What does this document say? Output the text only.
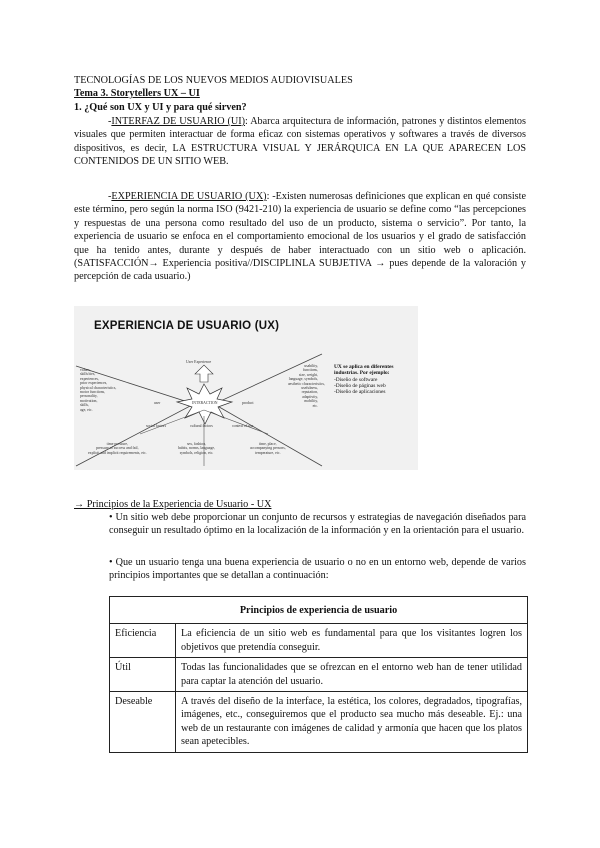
TECNOLOGÍAS DE LOS NUEVOS MEDIOS AUDIOVISUALES
Tema 3. Storytellers UX – UI
1. ¿Qué son UX y UI y para qué sirven?
-INTERFAZ DE USUARIO (UI): Abarca arquitectura de información, patrones y distintos elementos visuales que permiten interactuar de forma eficaz con sistemas operativos y softwares a través de diversos dispositivos, es decir, LA ESTRUCTURA VISUAL Y JERÁRQUICA EN LA QUE APARECEN LOS CONTENIDOS DE UN SITIO WEB.
-EXPERIENCIA DE USUARIO (UX): -Existen numerosas definiciones que explican en qué consiste este término, pero según la norma ISO (9421-210) la experiencia de usuario se define como “las percepciones y respuestas de una persona como resultado del uso de un producto, sistema o servicio”. Por tanto, la experiencia de usuario se enfoca en el comportamiento emocional de los usuarios y el grado de satisfacción que ha tenido antes, durante y después de haber interactuado con un sitio web o aplicación. (SATISFACCIÓN→ Experiencia positiva//DISCIPLINLA SUBJETIVA → pues depende de la valoración y percepción de cada usuario.)
EXPERIENCIA DE USUARIO (UX)
User Experience
INTERACTION
user	product
social factors	cultural factors	context of use
values,
skills/ties,
experiences,
prior experiences,
physical characteristics,
motor functions,
personality,
motivation,
skills,
age, etc.
usability,
functions,
size, weight,
language, symbols,
aesthetic characteristics,
usefulness,
reputation,
adaptivity,
mobility,
etc.
time pressure,
pressure of success and fail,
explicit and implicit requirements, etc.
sex, fashion,
habits, norms, language,
symbols, religion, etc.
time, place,
accompanying persons,
temperature, etc.
UX se aplica en diferentes industrias. Por ejemplo:
-Diseño de software
-Diseño de páginas web
-Diseño de aplicaciones
→ Principios de la Experiencia de Usuario - UX
• Un sitio web debe proporcionar un conjunto de recursos y estrategias de navegación diseñados para conseguir un resultado óptimo en la localización de la información y en la orientación para el usuario.
• Que un usuario tenga una buena experiencia de usuario o no en un entorno web, depende de varios principios importantes que se detallan a continuación:
Principios de experiencia de usuario	
Eficiencia	La eficiencia de un sitio web es fundamental para que los visitantes logren los objetivos que pretendía conseguir.
Útil	Todas las funcionalidades que se ofrezcan en el entorno web han de tener utilidad para captar la atención del usuario.
Deseable	A través del diseño de la interface, la estética, los colores, degradados, tipografías, imágenes, etc., conseguiremos que el producto sea mucho más deseable. Ej.: una web de un restaurante con imágenes de calidad y armonía que hacen que los platos sean apetecibles.
